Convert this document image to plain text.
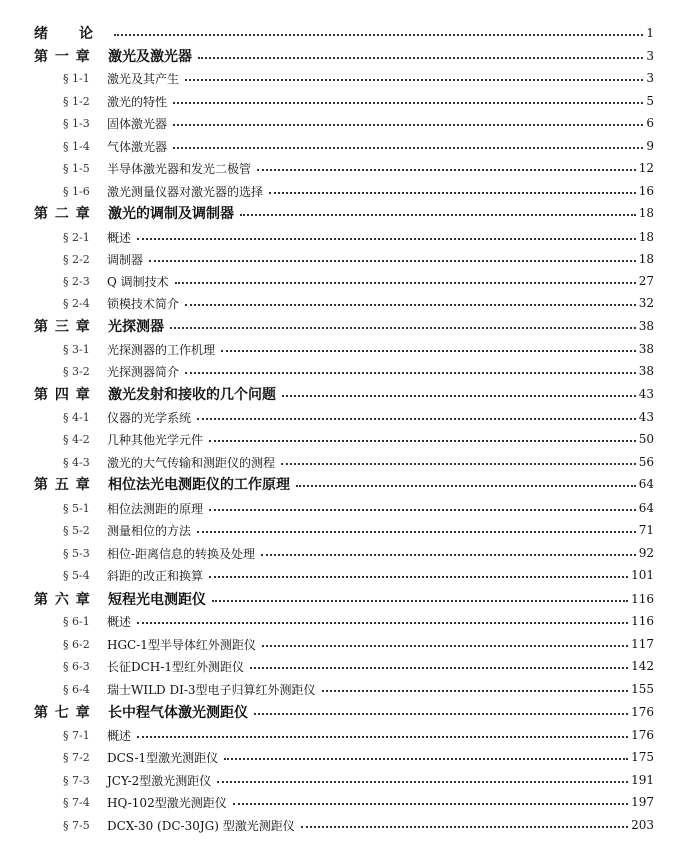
绪　　论	1
第 一 章	激光及激光器	3
§ 1-1	激光及其产生	3
§ 1-2	激光的特性	5
§ 1-3	固体激光器	6
§ 1-4	气体激光器	9
§ 1-5	半导体激光器和发光二极管	12
§ 1-6	激光测量仪器对激光器的选择	16
第 二 章	激光的调制及调制器	18
§ 2-1	概述	18
§ 2-2	调制器	18
§ 2-3	Q 调制技术	27
§ 2-4	锁模技术简介	32
第 三 章	光探测器	38
§ 3-1	光探测器的工作机理	38
§ 3-2	光探测器简介	38
第 四 章	激光发射和接收的几个问题	43
§ 4-1	仪器的光学系统	43
§ 4-2	几种其他光学元件	50
§ 4-3	激光的大气传输和测距仪的测程	56
第 五 章	相位法光电测距仪的工作原理	64
§ 5-1	相位法测距的原理	64
§ 5-2	测量相位的方法	71
§ 5-3	相位-距离信息的转换及处理	92
§ 5-4	斜距的改正和换算	101
第 六 章	短程光电测距仪	116
§ 6-1	概述	116
§ 6-2	HGC-1型半导体红外测距仪	117
§ 6-3	长征DCH-1型红外测距仪	142
§ 6-4	瑞士WILD DI-3型电子归算红外测距仪	155
第 七 章	长中程气体激光测距仪	176
§ 7-1	概述	176
§ 7-2	DCS-1型激光测距仪	175
§ 7-3	JCY-2型激光测距仪	191
§ 7-4	HQ-102型激光测距仪	197
§ 7-5	DCX-30 (DC-30JG) 型激光测距仪	203
